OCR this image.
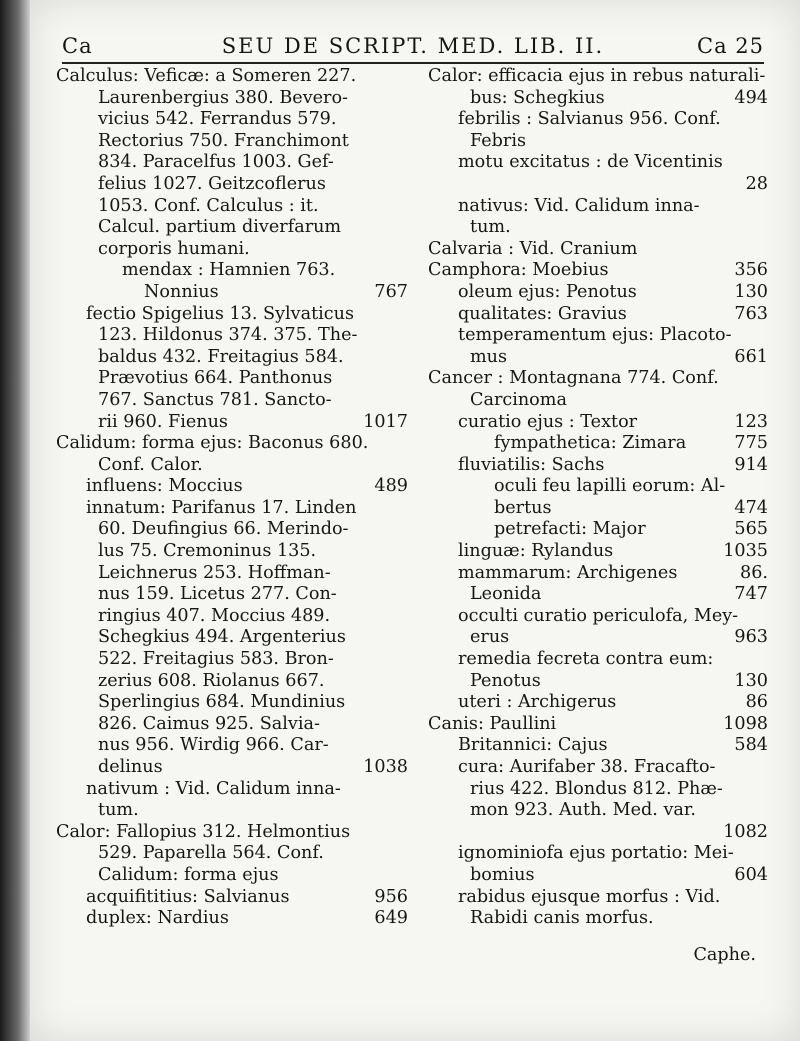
Ca	SEU DE SCRIPT. MED. LIB. II.	Ca 25
Calculus: Veficæ: a Someren 227.
Laurenbergius 380. Bevero-
vicius 542. Ferrandus 579.
Rectorius 750. Franchimont
834. Paracelfus 1003. Gef-
felius 1027. Geitzcoflerus
1053. Conf. Calculus : it.
Calcul. partium diverfarum
corporis humani.
mendax : Hamnien 763.
Nonnius	767
fectio Spigelius 13. Sylvaticus
123. Hildonus 374. 375. The-
baldus 432. Freitagius 584.
Prævotius 664. Panthonus
767. Sanctus 781. Sancto-
rii 960. Fienus	1017
Calidum: forma ejus: Baconus 680.
Conf. Calor.
influens: Moccius	489
innatum: Parifanus 17. Linden
60. Deufingius 66. Merindo-
lus 75. Cremoninus 135.
Leichnerus 253. Hoffman-
nus 159. Licetus 277. Con-
ringius 407. Moccius 489.
Schegkius 494. Argenterius
522. Freitagius 583. Bron-
zerius 608. Riolanus 667.
Sperlingius 684. Mundinius
826. Caimus 925. Salvia-
nus 956. Wirdig 966. Car-
delinus	1038
nativum : Vid. Calidum inna-
tum.
Calor: Fallopius 312. Helmontius
529. Paparella 564. Conf.
Calidum: forma ejus
acquifititius: Salvianus	956
duplex: Nardius	649
Calor: efficacia ejus in rebus naturali-
bus: Schegkius	494
febrilis : Salvianus 956. Conf.
Febris
motu excitatus : de Vicentinis
28
nativus: Vid. Calidum inna-
tum.
Calvaria : Vid. Cranium
Camphora: Moebius	356
oleum ejus: Penotus	130
qualitates: Gravius	763
temperamentum ejus: Placoto-
mus	661
Cancer : Montagnana 774. Conf.
Carcinoma
curatio ejus : Textor	123
fympathetica: Zimara	775
fluviatilis: Sachs	914
oculi feu lapilli eorum: Al-
bertus	474
petrefacti: Major	565
linguæ: Rylandus	1035
mammarum: Archigenes	86.
Leonida	747
occulti curatio periculofa, Mey-
erus	963
remedia fecreta contra eum:
Penotus	130
uteri : Archigerus	86
Canis: Paullini	1098
Britannici: Cajus	584
cura: Aurifaber 38. Fracafto-
rius 422. Blondus 812. Phæ-
mon 923. Auth. Med. var.
1082
ignominiofa ejus portatio: Mei-
bomius	604
rabidus ejusque morfus : Vid.
Rabidi canis morfus.
Caphe.
